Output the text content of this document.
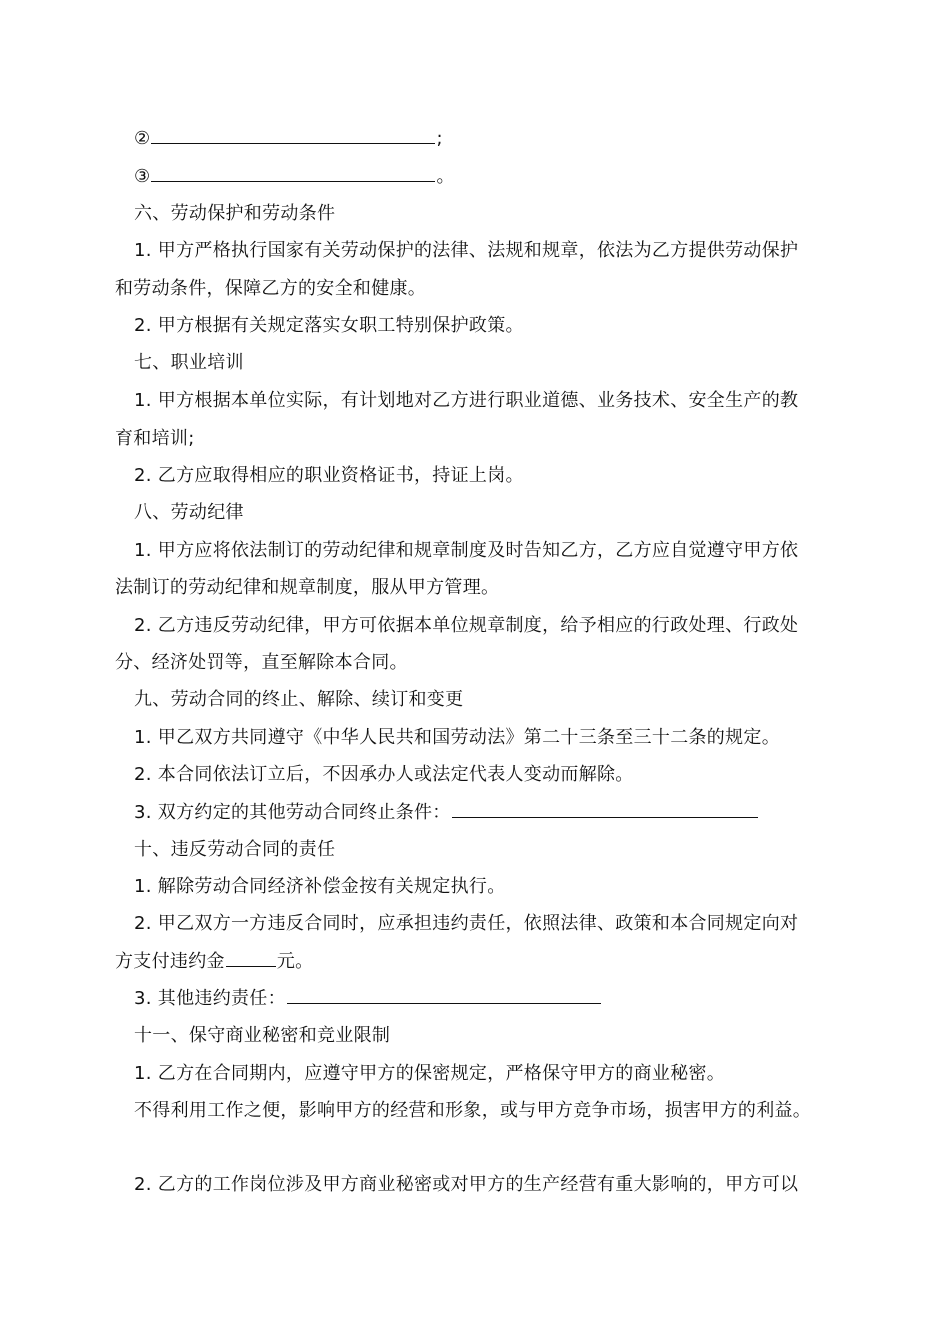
②	;
③	。
六、劳动保护和劳动条件
1. 甲方严格执行国家有关劳动保护的法律、法规和规章，依法为乙方提供劳动保护
和劳动条件，保障乙方的安全和健康。
2. 甲方根据有关规定落实女职工特别保护政策。
七、职业培训
1. 甲方根据本单位实际，有计划地对乙方进行职业道德、业务技术、安全生产的教
育和培训;
2. 乙方应取得相应的职业资格证书，持证上岗。
八、劳动纪律
1. 甲方应将依法制订的劳动纪律和规章制度及时告知乙方，乙方应自觉遵守甲方依
法制订的劳动纪律和规章制度，服从甲方管理。
2. 乙方违反劳动纪律，甲方可依据本单位规章制度，给予相应的行政处理、行政处
分、经济处罚等，直至解除本合同。
九、劳动合同的终止、解除、续订和变更
1. 甲乙双方共同遵守《中华人民共和国劳动法》第二十三条至三十二条的规定。
2. 本合同依法订立后，不因承办人或法定代表人变动而解除。
3. 双方约定的其他劳动合同终止条件：
十、违反劳动合同的责任
1. 解除劳动合同经济补偿金按有关规定执行。
2. 甲乙双方一方违反合同时，应承担违约责任，依照法律、政策和本合同规定向对
方支付违约金	元。
3. 其他违约责任：
十一、保守商业秘密和竞业限制
1. 乙方在合同期内，应遵守甲方的保密规定，严格保守甲方的商业秘密。
不得利用工作之便，影响甲方的经营和形象，或与甲方竞争市场，损害甲方的利益。
2. 乙方的工作岗位涉及甲方商业秘密或对甲方的生产经营有重大影响的，甲方可以
